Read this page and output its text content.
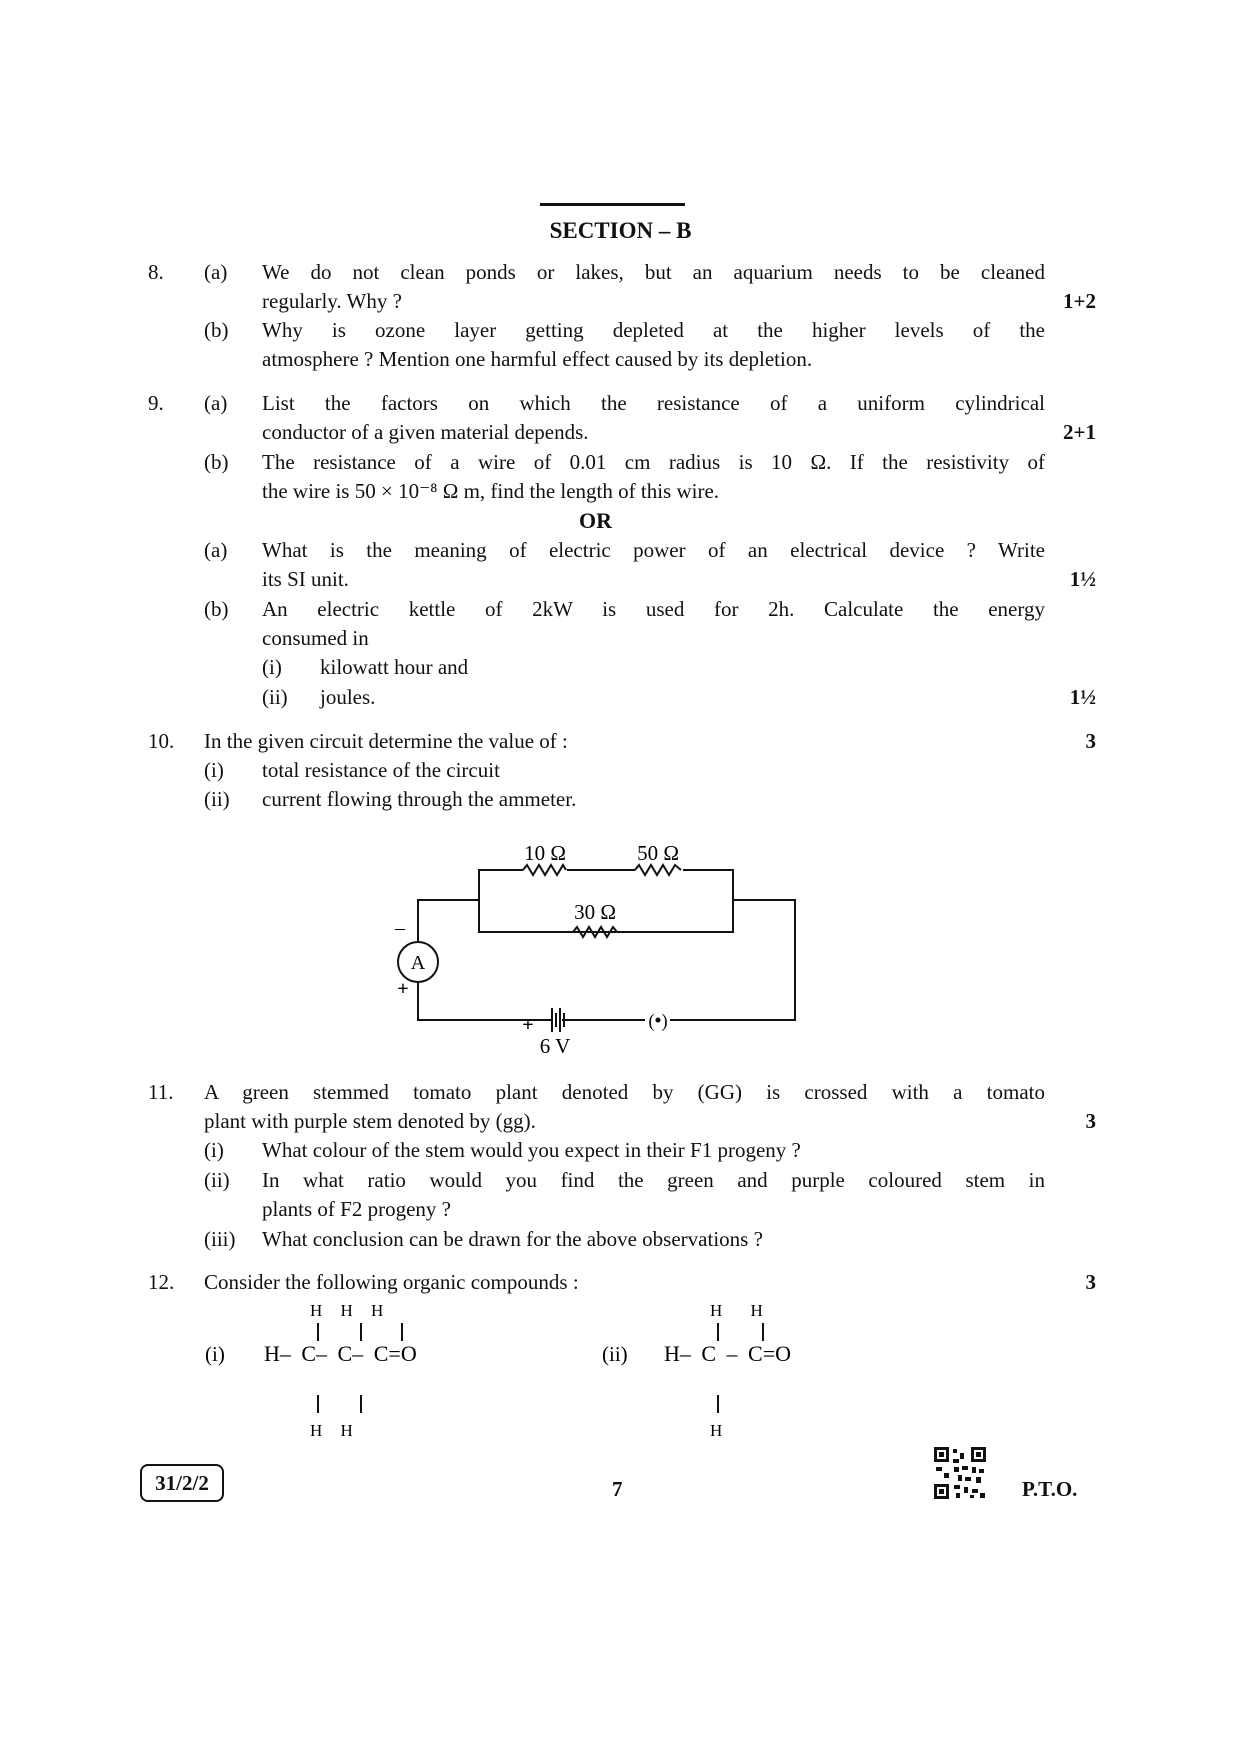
SECTION – B
8. (a) We do not clean ponds or lakes, but an aquarium needs to be cleaned
regularly. Why ?	1+2
(b) Why is ozone layer getting depleted at the higher levels of the
atmosphere ? Mention one harmful effect caused by its depletion.
9. (a) List the factors on which the resistance of a uniform cylindrical
conductor of a given material depends.	2+1
(b) The resistance of a wire of 0.01 cm radius is 10 Ω. If the resistivity of
the wire is 50 × 10⁻⁸ Ω m, find the length of this wire.
OR
(a) What is the meaning of electric power of an electrical device ? Write
its SI unit.	1½
(b) An electric kettle of 2kW is used for 2h. Calculate the energy
consumed in
(i) kilowatt hour and
(ii) joules.	1½
10. In the given circuit determine the value of :	3
(i) total resistance of the circuit
(ii) current flowing through the ammeter.
10 Ω	50 Ω
30 Ω
A
–
+
+
6 V
(•)
11. A green stemmed tomato plant denoted by (GG) is crossed with a tomato
plant with purple stem denoted by (gg).	3
(i) What colour of the stem would you expect in their F1 progeny ?
(ii) In what ratio would you find the green and purple coloured stem in
plants of F2 progeny ?
(iii) What conclusion can be drawn for the above observations ?
12. Consider the following organic compounds :	3
(i)
H H H
H– C– C– C=O
H H
(ii)
H H
H– C – C=O
H
31/2/2	7	P.T.O.
